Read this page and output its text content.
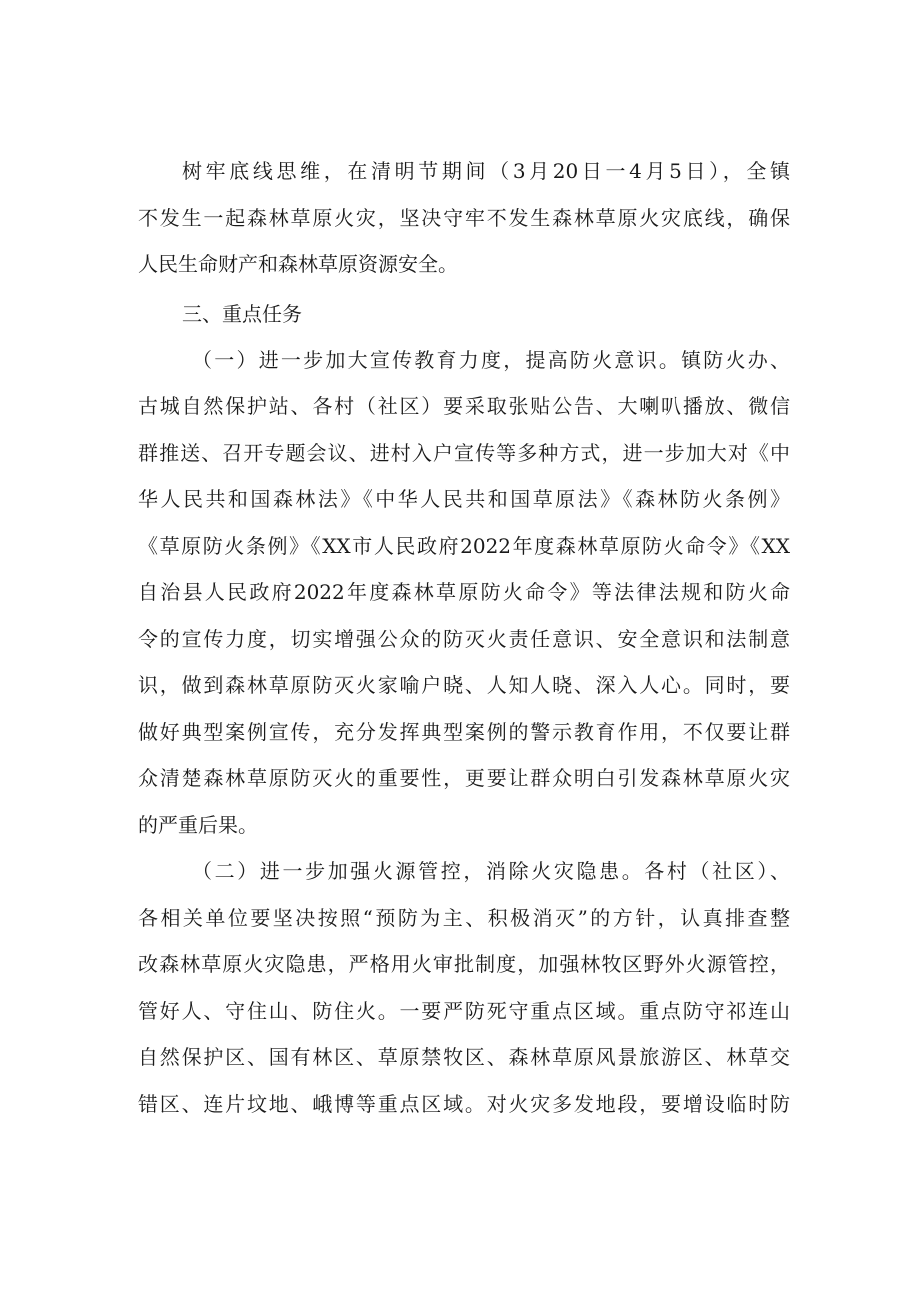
树牢底线思维，在清明节期间（3月20日一4月5日），全镇
不发生一起森林草原火灾，坚决守牢不发生森林草原火灾底线，确保
人民生命财产和森林草原资源安全。
三、重点任务
（一）进一步加大宣传教育力度，提高防火意识。镇防火办、
古城自然保护站、各村（社区）要采取张贴公告、大喇叭播放、微信
群推送、召开专题会议、进村入户宣传等多种方式，进一步加大对《中
华人民共和国森林法》《中华人民共和国草原法》《森林防火条例》
《草原防火条例》《XX市人民政府2022年度森林草原防火命令》《XX
自治县人民政府2022年度森林草原防火命令》等法律法规和防火命
令的宣传力度，切实增强公众的防灭火责任意识、安全意识和法制意
识，做到森林草原防灭火家喻户晓、人知人晓、深入人心。同时，要
做好典型案例宣传，充分发挥典型案例的警示教育作用，不仅要让群
众清楚森林草原防灭火的重要性，更要让群众明白引发森林草原火灾
的严重后果。
（二）进一步加强火源管控，消除火灾隐患。各村（社区）、
各相关单位要坚决按照“预防为主、积极消灭”的方针，认真排查整
改森林草原火灾隐患，严格用火审批制度，加强林牧区野外火源管控，
管好人、守住山、防住火。一要严防死守重点区域。重点防守祁连山
自然保护区、国有林区、草原禁牧区、森林草原风景旅游区、林草交
错区、连片坟地、峨博等重点区域。对火灾多发地段，要增设临时防
